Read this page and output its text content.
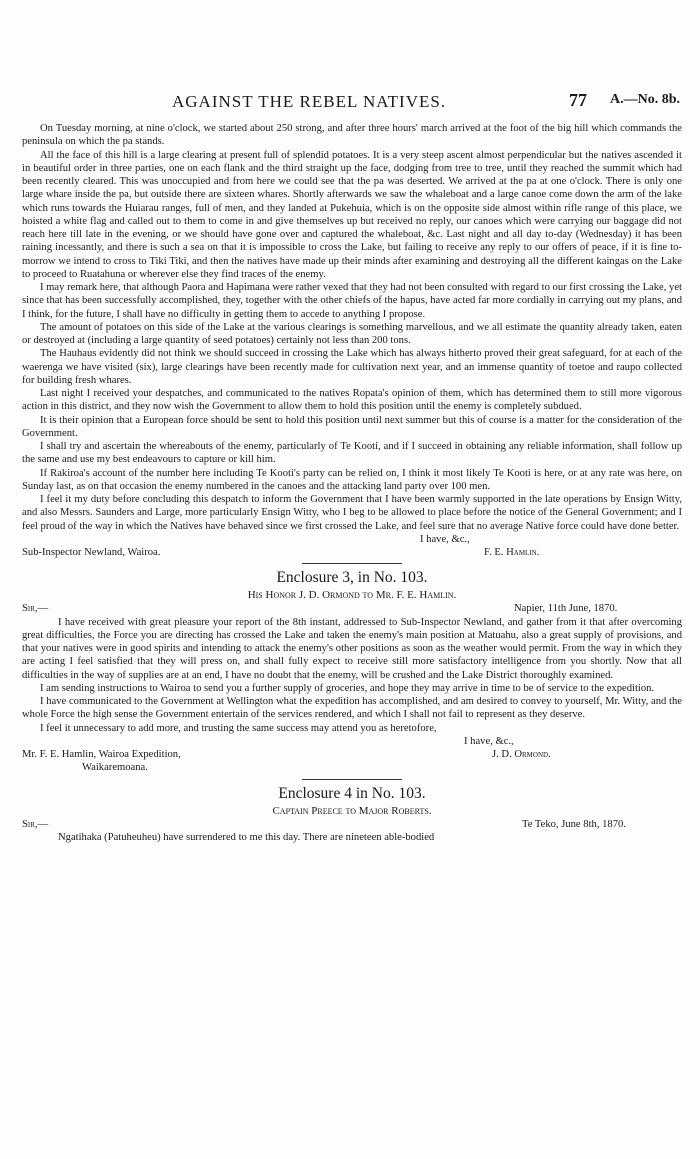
AGAINST THE REBEL NATIVES.	77 A.—No. 8b.

On Tuesday morning, at nine o'clock, we started about 250 strong, and after three hours' march arrived at the foot of the big hill which commands the peninsula on which the pa stands.

All the face of this hill is a large clearing at present full of splendid potatoes. It is a very steep ascent almost perpendicular but the natives ascended it in beautiful order in three parties, one on each flank and the third straight up the face, dodging from tree to tree, until they reached the summit which had been recently cleared. This was unoccupied and from here we could see that the pa was deserted. We arrived at the pa at one o'clock. There is only one large whare inside the pa, but outside there are sixteen whares. Shortly afterwards we saw the whaleboat and a large canoe come down the arm of the lake which runs towards the Huiarau ranges, full of men, and they landed at Pukehuia, which is on the opposite side almost within rifle range of this place, we hoisted a white flag and called out to them to come in and give themselves up but received no reply, our canoes which were carrying our baggage did not reach here till late in the evening, or we should have gone over and captured the whaleboat, &c. Last night and all day to-day (Wednesday) it has been raining incessantly, and there is such a sea on that it is impossible to cross the Lake, but failing to receive any reply to our offers of peace, if it is fine to-morrow we intend to cross to Tiki Tiki, and then the natives have made up their minds after examining and destroying all the different kaingas on the Lake to proceed to Ruatahuna or wherever else they find traces of the enemy.

I may remark here, that although Paora and Hapimana were rather vexed that they had not been consulted with regard to our first crossing the Lake, yet since that has been successfully accomplished, they, together with the other chiefs of the hapus, have acted far more cordially in carrying out my plans, and I think, for the future, I shall have no difficulty in getting them to accede to anything I propose.

The amount of potatoes on this side of the Lake at the various clearings is something marvellous, and we all estimate the quantity already taken, eaten or destroyed at (including a large quantity of seed potatoes) certainly not less than 200 tons.

The Hauhaus evidently did not think we should succeed in crossing the Lake which has always hitherto proved their great safeguard, for at each of the waerenga we have visited (six), large clearings have been recently made for cultivation next year, and an immense quantity of toetoe and raupo collected for building fresh whares.

Last night I received your despatches, and communicated to the natives Ropata's opinion of them, which has determined them to still more vigorous action in this district, and they now wish the Government to allow them to hold this position until the enemy is completely subdued.

It is their opinion that a European force should be sent to hold this position until next summer but this of course is a matter for the consideration of the Government.

I shall try and ascertain the whereabouts of the enemy, particularly of Te Kooti, and if I succeed in obtaining any reliable information, shall follow up the same and use my best endeavours to capture or kill him.

If Rakiroa's account of the number here including Te Kooti's party can be relied on, I think it most likely Te Kooti is here, or at any rate was here, on Sunday last, as on that occasion the enemy numbered in the canoes and the attacking land party over 100 men.

I feel it my duty before concluding this despatch to inform the Government that I have been warmly supported in the late operations by Ensign Witty, and also Messrs. Saunders and Large, more particularly Ensign Witty, who I beg to be allowed to place before the notice of the General Government; and I feel proud of the way in which the Natives have behaved since we first crossed the Lake, and feel sure that no average Native force could have done better.

I have, &c.,
Sub-Inspector Newland, Wairoa.	F. E. Hamlin.
Enclosure 3, in No. 103.
His Honor J. D. Ormond to Mr. F. E. Hamlin.
Sir,—	Napier, 11th June, 1870.

I have received with great pleasure your report of the 8th instant, addressed to Sub-Inspector Newland, and gather from it that after overcoming great difficulties, the Force you are directing has crossed the Lake and taken the enemy's main position at Matuahu, also a great supply of provisions, and that your natives were in good spirits and intending to attack the enemy's other positions as soon as the weather would permit. From the way in which they are acting I feel satisfied that they will press on, and shall fully expect to receive still more satisfactory intelligence from you shortly. Now that all difficulties in the way of supplies are at an end, I have no doubt that the enemy, will be crushed and the Lake District thoroughly examined.

I am sending instructions to Wairoa to send you a further supply of groceries, and hope they may arrive in time to be of service to the expedition.

I have communicated to the Government at Wellington what the expedition has accomplished, and am desired to convey to yourself, Mr. Witty, and the whole Force the high sense the Government entertain of the services rendered, and which I shall not fail to represent as they deserve.

I feel it unnecessary to add more, and trusting the same success may attend you as heretofore,

I have, &c.,
Mr. F. E. Hamlin, Wairoa Expedition,	J. D. Ormond.
Waikaremoana.
Enclosure 4 in No. 103.
Captain Preece to Major Roberts.
Sir,—	Te Teko, June 8th, 1870.

Ngatihaka (Patuheuheu) have surrendered to me this day. There are nineteen able-bodied
